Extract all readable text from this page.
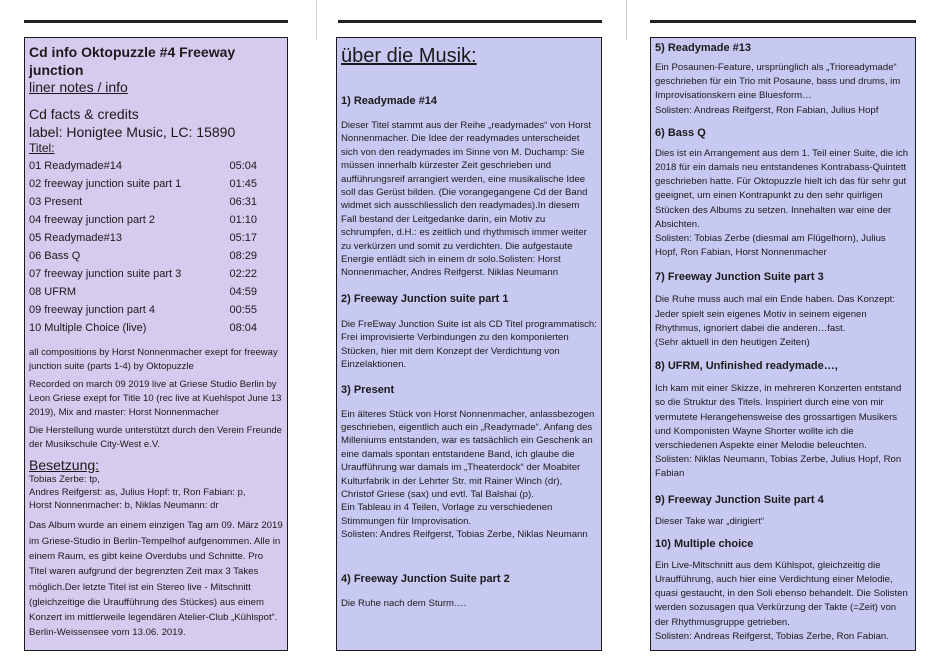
Cd info Oktopuzzle #4 Freeway junction
liner notes / info
Cd facts & credits
label: Honigtee Music, LC: 15890
Titel:
01 Readymade#14	05:04
02 freeway junction suite part 1	01:45
03 Present	06:31
04 freeway junction part 2	01:10
05 Readymade#13	05:17
06 Bass Q	08:29
07 freeway junction suite part 3	02:22
08 UFRM	04:59
09 freeway junction part 4	00:55
10 Multiple Choice (live)	08:04
all compositions by Horst Nonnenmacher exept for freeway junction suite (parts 1-4) by Oktopuzzle
Recorded on march 09 2019 live at Griese Studio Berlin by Leon Griese exept for Title 10 (rec live at Kuehlspot June 13 2019), Mix and master: Horst Nonnenmacher
Die Herstellung wurde unterstützt durch den Verein Freunde der Musikschule City-West e.V.
Besetzung:
Tobias Zerbe: tp,
Andres Reifgerst: as, Julius Hopf: tr, Ron Fabian: p,
Horst Nonnenmacher: b, Niklas Neumann: dr
Das Album wurde an einem einzigen Tag am 09. März 2019 im Griese-Studio in Berlin-Tempelhof aufgenommen. Alle in einem Raum, es gibt keine Overdubs und Schnitte. Pro Titel waren aufgrund der begrenzten Zeit max 3 Takes möglich.Der letzte Titel ist ein Stereo live - Mitschnitt (gleichzeitige die Uraufführung des Stückes) aus einem Konzert im mittlerweile legendären Atelier-Club „Kühlspot“. Berlin-Weissensee vom 13.06. 2019.
über die Musik:
1) Readymade #14
Dieser Titel stammt aus der Reihe „readymades“ von Horst Nonnenmacher. Die Idee der readymades unterscheidet sich von den readymades im Sinne von M. Duchamp: Sie müssen innerhalb kürzester Zeit geschrieben und aufführungsreif arrangiert werden, eine musikalische Idee soll das Gerüst bilden. (Die vorangegangene Cd der Band widmet sich ausschliesslich den readymades).In diesem Fall bestand der Leitgedanke darin, ein Motiv zu schrumpfen, d.H.: es zeitlich und rhythmisch immer weiter zu verkürzen und somit zu verdichten. Die aufgestaute Energie entlädt sich in einem dr solo.Solisten: Horst Nonnenmacher, Andres Reifgerst. Niklas Neumann
2) Freeway Junction suite part 1
Die FreEway Junction Suite ist als CD Titel programmatisch: Frei improvisierte Verbindungen zu den komponierten Stücken, hier mit dem Konzept der Verdichtung von Einzelaktionen.
3) Present
Ein älteres Stück von Horst Nonnenmacher, anlassbezogen geschrieben, eigentlich auch ein „Readymade“. Anfang des Milleniums entstanden, war es tatsächlich ein Geschenk an eine damals spontan entstandene Band, ich glaube die Uraufführung war damals im „Theaterdock“ der Moabiter Kulturfabrik in der Lehrter Str. mit Rainer Winch (dr), Christof Griese (sax) und evtl. Tal Balshai (p).
Ein Tableau in 4 Teilen, Vorlage zu verschiedenen Stimmungen für Improvisation.
Solisten: Andres Reifgerst, Tobias Zerbe, Niklas Neumann
4) Freeway Junction Suite part 2
Die Ruhe nach dem Sturm….
5) Readymade #13
Ein Posaunen-Feature, ursprünglich als „Trioreadymade“ geschrieben für ein Trio mit Posaune, bass und drums, im Improvisationskern eine Bluesform…
Solisten: Andreas Reifgerst, Ron Fabian, Julius Hopf
6) Bass Q
Dies ist ein Arrangement aus dem 1. Teil einer Suite, die ich 2018 für ein damals neu entstandenes Kontrabass-Quintett geschrieben hatte. Für Oktopuzzle hielt ich das für sehr gut geeignet, um einen Kontrapunkt zu den sehr quirligen Stücken des Albums zu setzen. Innehalten war eine der Absichten.
Solisten: Tobias Zerbe (diesmal am Flügelhorn), Julius Hopf, Ron Fabian, Horst Nonnenmacher
7) Freeway Junction Suite part 3
Die Ruhe muss auch mal ein Ende haben. Das Konzept: Jeder spielt sein eigenes Motiv in seinem eigenen Rhythmus, ignoriert dabei die anderen…fast.
(Sehr aktuell in den heutigen Zeiten)
8) UFRM, Unfinished readymade…,
Ich kam mit einer Skizze, in mehreren Konzerten entstand so die Struktur des Titels. Inspiriert durch eine von mir vermutete Herangehensweise des grossartigen Musikers und Komponisten Wayne Shorter wollte ich die verschiedenen Aspekte einer Melodie beleuchten.
Solisten: Niklas Neumann, Tobias Zerbe, Julius Hopf, Ron Fabian
9) Freeway Junction Suite part 4
Dieser Take war „dirigiert“
10) Multiple choice
Ein Live-Mitschnitt aus dem Kühlspot, gleichzeitig die Uraufführung, auch hier eine Verdichtung einer Melodie, quasi gestaucht, in den Soli ebenso behandelt. Die Solisten werden sozusagen qua Verkürzung der Takte (=Zeit) von der Rhythmusgruppe getrieben.
Solisten: Andreas Reifgerst, Tobias Zerbe, Ron Fabian.
